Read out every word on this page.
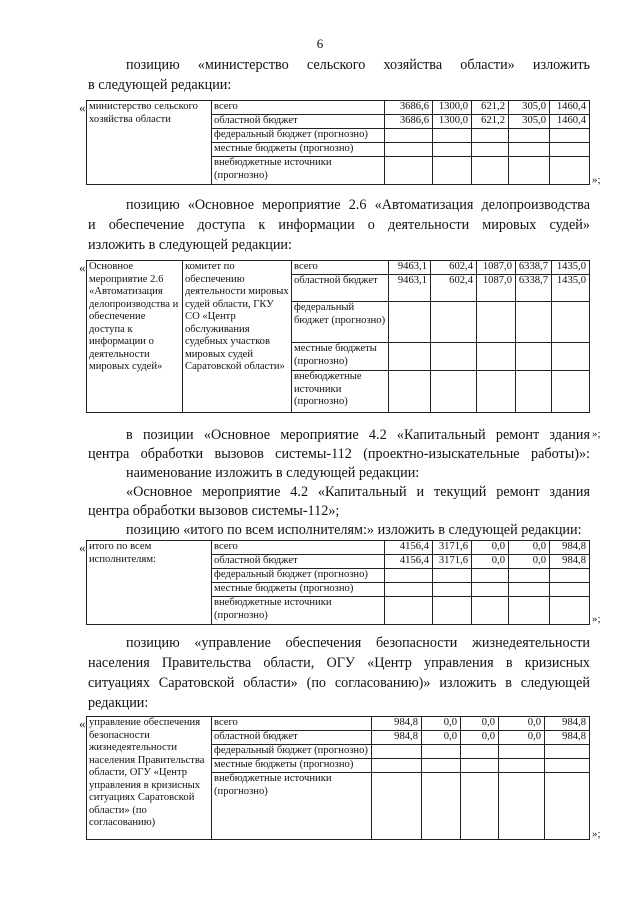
6

позицию «министерство сельского хозяйства области» изложить

в следующей редакции:

« министерство сельского хозяйства области	всего	3686,6	1300,0	621,2	305,0	1460,4
	областной бюджет	3686,6	1300,0	621,2	305,0	1460,4
	федеральный бюджет (прогнозно)					
	местные бюджеты (прогнозно)					
	внебюджетные источники (прогнозно)						»;

позицию «Основное мероприятие 2.6 «Автоматизация делопроизводства

и обеспечение доступа к информации о деятельности мировых судей»

изложить в следующей редакции:

« Основное мероприятие 2.6 «Автоматизация делопроизводства и обеспечение доступа к информации о деятельности мировых судей»	комитет по обеспечению деятельности мировых судей области, ГКУ СО «Центр обслуживания судебных участков мировых судей Саратовской области»	всего	9463,1	602,4	1087,0	6338,7	1435,0
		областной бюджет	9463,1	602,4	1087,0	6338,7	1435,0
		федеральный бюджет (прогнозно)					
		местные бюджеты (прогнозно)					
		внебюджетные источники (прогнозно)					
»;

в позиции «Основное мероприятие 4.2 «Капитальный ремонт здания

центра обработки вызовов системы-112 (проектно-изыскательные работы)»:

наименование изложить в следующей редакции:

«Основное мероприятие 4.2 «Капитальный и текущий ремонт здания

центра обработки вызовов системы-112»;

позицию «итого по всем исполнителям:» изложить в следующей редакции:

« итого по всем исполнителям:	всего	4156,4	3171,6	0,0	0,0	984,8
	областной бюджет	4156,4	3171,6	0,0	0,0	984,8
	федеральный бюджет (прогнозно)					
	местные бюджеты (прогнозно)					
	внебюджетные источники (прогнозно)						»;

позицию «управление обеспечения безопасности жизнедеятельности

населения Правительства области, ОГУ «Центр управления в кризисных

ситуациях Саратовской области» (по согласованию)» изложить в следующей

редакции:

« управление обеспечения безопасности жизнедеятельности населения Правительства области, ОГУ «Центр управления в кризисных ситуациях Саратовской области» (по согласованию)	всего	984,8	0,0	0,0	0,0	984,8
	областной бюджет	984,8	0,0	0,0	0,0	984,8
	федеральный бюджет (прогнозно)					
	местные бюджеты (прогнозно)					
	внебюджетные источники (прогнозно)					
»;
